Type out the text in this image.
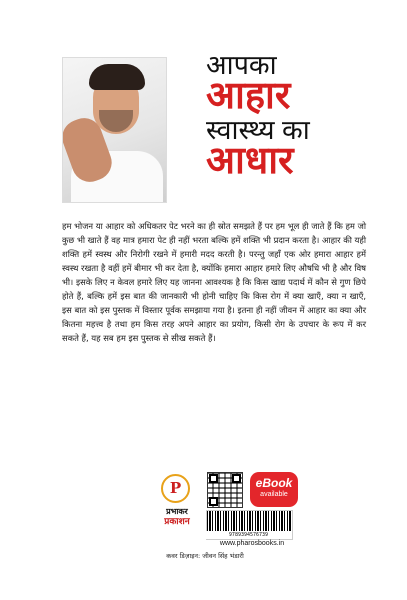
आपका
आहार
स्वास्थ्य का
आधार

हम भोजन या आहार को अधिकतर पेट भरने का ही स्रोत समझते हैं पर हम भूल ही जाते हैं कि हम जो कुछ भी खाते हैं वह मात्र हमारा पेट ही नहीं भरता बल्कि हमें शक्ति भी प्रदान करता है। आहार की यही शक्ति हमें स्वस्थ और निरोगी रखने में हमारी मदद करती है। परन्तु जहाँ एक ओर हमारा आहार हमें स्वस्थ रखता है वहीं हमें बीमार भी कर देता है, क्योंकि हमारा आहार हमारे लिए औषधि भी है और विष भी। इसके लिए न केवल हमारे लिए यह जानना आवश्यक है कि किस खाद्य पदार्थ में कौन से गुण छिपे होते हैं, बल्कि हमें इस बात की जानकारी भी होनी चाहिए कि किस रोग में क्या खाएँ, क्या न खाएँ, इस बात को इस पुस्तक में विस्तार पूर्वक समझाया गया है। इतना ही नहीं जीवन में आहार का क्या और कितना महत्त्व है तथा हम किस तरह अपने आहार का प्रयोग, किसी रोग के उपचार के रूप में कर सकते हैं, यह सब हम इस पुस्तक से सीख सकते हैं।

P
प्रभाकर
प्रकाशन
eBook
available
9789394576739
www.pharosbooks.in
कवर डिज़ाइन: जीवन सिंह भंडारी
